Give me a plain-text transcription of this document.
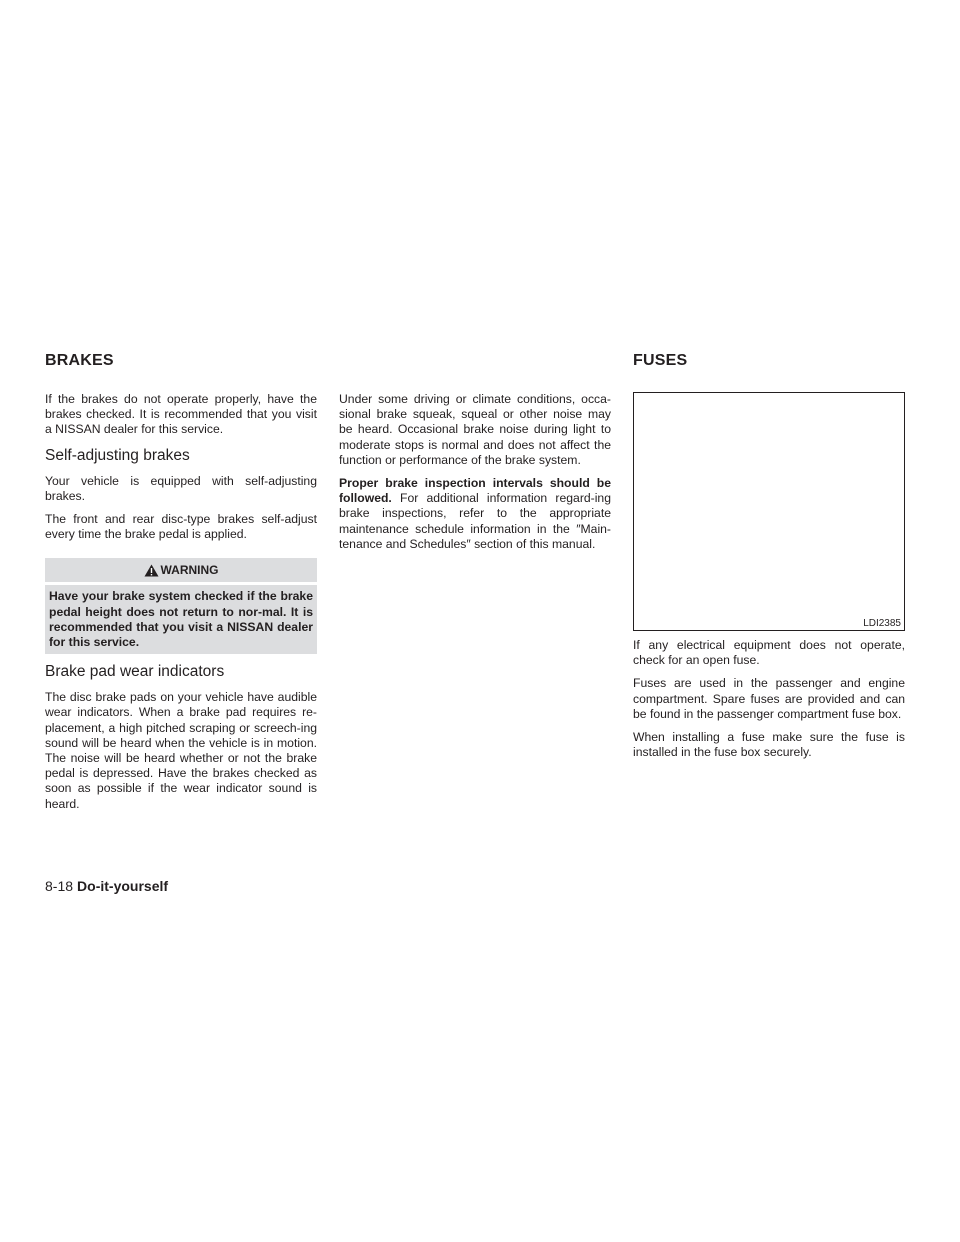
BRAKES	FUSES

If the brakes do not operate properly, have the brakes checked. It is recommended that you visit a NISSAN dealer for this service.

Self-adjusting brakes

Your vehicle is equipped with self-adjusting brakes.

The front and rear disc-type brakes self-adjust every time the brake pedal is applied.

WARNING
Have your brake system checked if the brake pedal height does not return to nor-mal. It is recommended that you visit a NISSAN dealer for this service.
Brake pad wear indicators

The disc brake pads on your vehicle have audible wear indicators. When a brake pad requires re-placement, a high pitched scraping or screech-ing sound will be heard when the vehicle is in motion. The noise will be heard whether or not the brake pedal is depressed. Have the brakes checked as soon as possible if the wear indicator sound is heard.

Under some driving or climate conditions, occa-sional brake squeak, squeal or other noise may be heard. Occasional brake noise during light to moderate stops is normal and does not affect the function or performance of the brake system.

Proper brake inspection intervals should be followed. For additional information regard-ing brake inspections, refer to the appropriate maintenance schedule information in the ″Main-tenance and Schedules″ section of this manual.

LDI2385

If any electrical equipment does not operate, check for an open fuse.

Fuses are used in the passenger and engine compartment. Spare fuses are provided and can be found in the passenger compartment fuse box.

When installing a fuse make sure the fuse is installed in the fuse box securely.

8-18 Do-it-yourself
